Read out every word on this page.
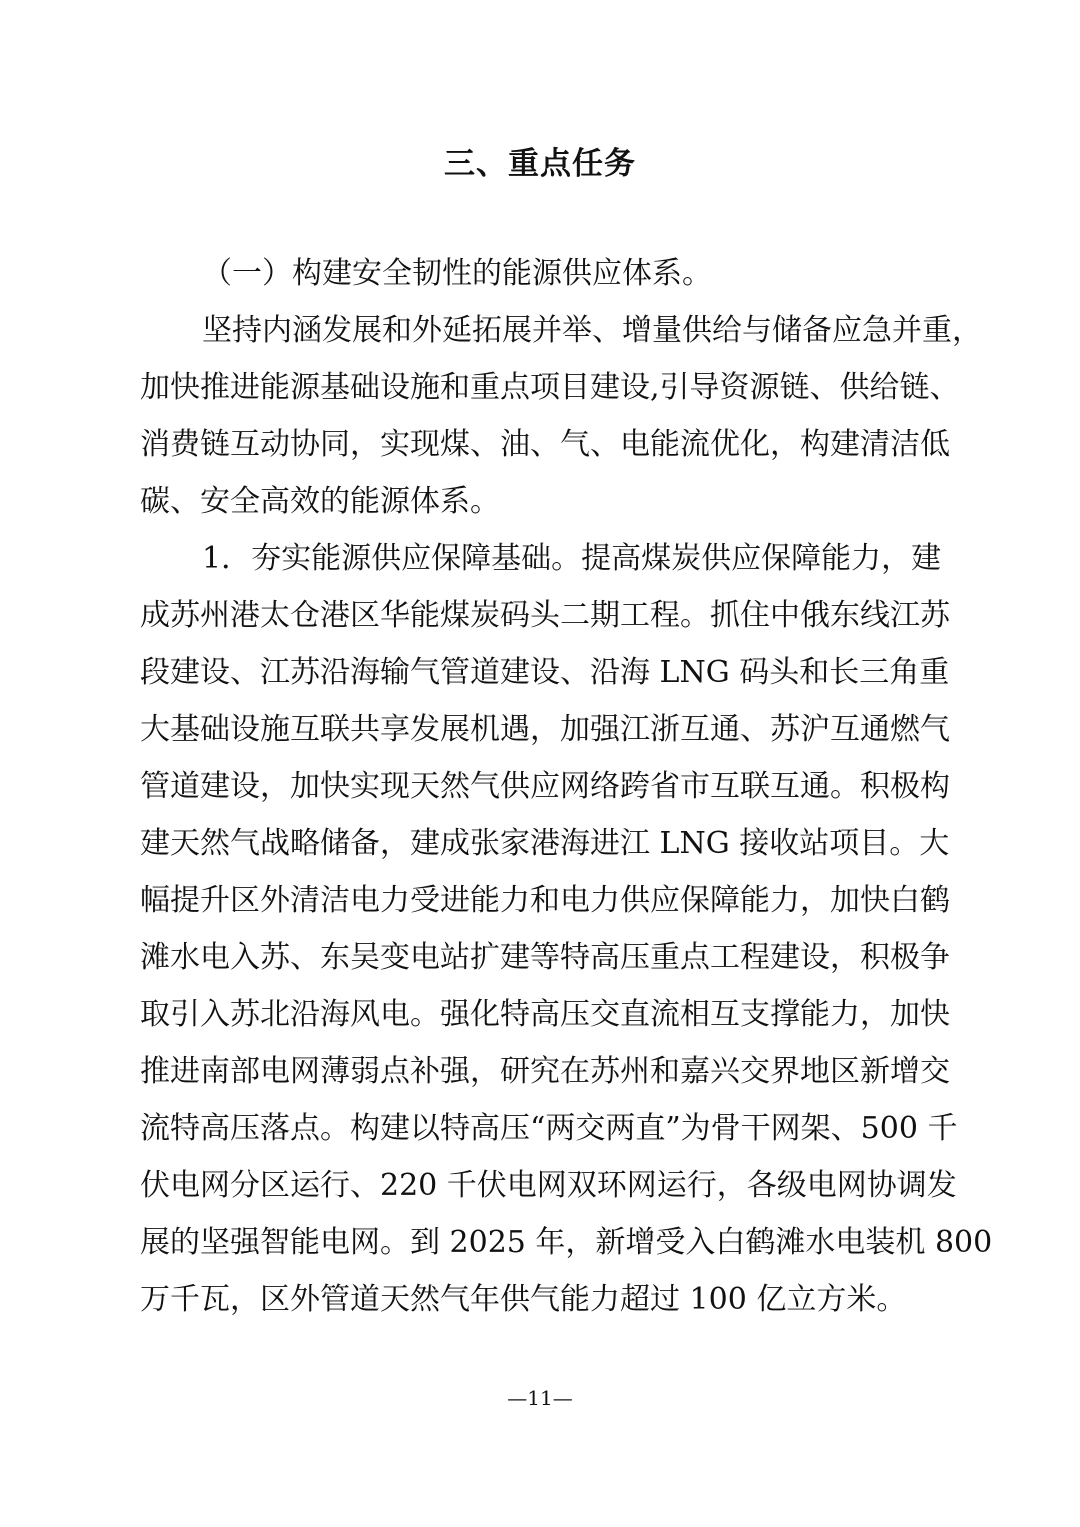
三、重点任务

（一）构建安全韧性的能源供应体系。

坚持内涵发展和外延拓展并举、增量供给与储备应急并重，

加快推进能源基础设施和重点项目建设,引导资源链、供给链、

消费链互动协同，实现煤、油、气、电能流优化，构建清洁低

碳、安全高效的能源体系。

1．夯实能源供应保障基础。提高煤炭供应保障能力，建

成苏州港太仓港区华能煤炭码头二期工程。抓住中俄东线江苏

段建设、江苏沿海输气管道建设、沿海 LNG 码头和长三角重

大基础设施互联共享发展机遇，加强江浙互通、苏沪互通燃气

管道建设，加快实现天然气供应网络跨省市互联互通。积极构

建天然气战略储备，建成张家港海进江 LNG 接收站项目。大

幅提升区外清洁电力受进能力和电力供应保障能力，加快白鹤

滩水电入苏、东吴变电站扩建等特高压重点工程建设，积极争

取引入苏北沿海风电。强化特高压交直流相互支撑能力，加快

推进南部电网薄弱点补强，研究在苏州和嘉兴交界地区新增交

流特高压落点。构建以特高压“两交两直”为骨干网架、500 千

伏电网分区运行、220 千伏电网双环网运行，各级电网协调发

展的坚强智能电网。到 2025 年，新增受入白鹤滩水电装机 800

万千瓦，区外管道天然气年供气能力超过 100 亿立方米。

—11—
